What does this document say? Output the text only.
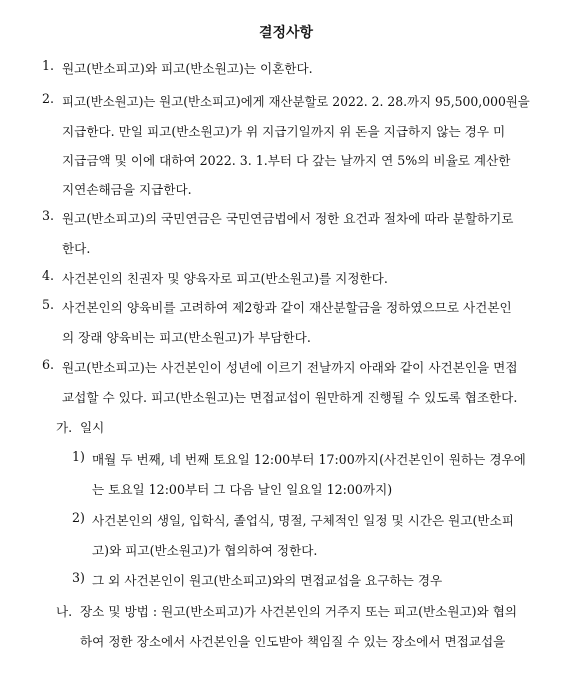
결정사항
1. 원고(반소피고)와 피고(반소원고)는 이혼한다.
2. 피고(반소원고)는 원고(반소피고)에게 재산분할로 2022. 2. 28.까지 95,500,000원을
지급한다. 만일 피고(반소원고)가 위 지급기일까지 위 돈을 지급하지 않는 경우 미
지급금액 및 이에 대하여 2022. 3. 1.부터 다 갚는 날까지 연 5%의 비율로 계산한
지연손해금을 지급한다.
3. 원고(반소피고)의 국민연금은 국민연금법에서 정한 요건과 절차에 따라 분할하기로
한다.
4. 사건본인의 친권자 및 양육자로 피고(반소원고)를 지정한다.
5. 사건본인의 양육비를 고려하여 제2항과 같이 재산분할금을 정하였으므로 사건본인
의 장래 양육비는 피고(반소원고)가 부담한다.
6. 원고(반소피고)는 사건본인이 성년에 이르기 전날까지 아래와 같이 사건본인을 면접
교섭할 수 있다. 피고(반소원고)는 면접교섭이 원만하게 진행될 수 있도록 협조한다.
가. 일시
1) 매월 두 번째, 네 번째 토요일 12:00부터 17:00까지(사건본인이 원하는 경우에
는 토요일 12:00부터 그 다음 날인 일요일 12:00까지)
2) 사건본인의 생일, 입학식, 졸업식, 명절, 구체적인 일정 및 시간은 원고(반소피
고)와 피고(반소원고)가 협의하여 정한다.
3) 그 외 사건본인이 원고(반소피고)와의 면접교섭을 요구하는 경우
나. 장소 및 방법 : 원고(반소피고)가 사건본인의 거주지 또는 피고(반소원고)와 협의
하여 정한 장소에서 사건본인을 인도받아 책임질 수 있는 장소에서 면접교섭을
